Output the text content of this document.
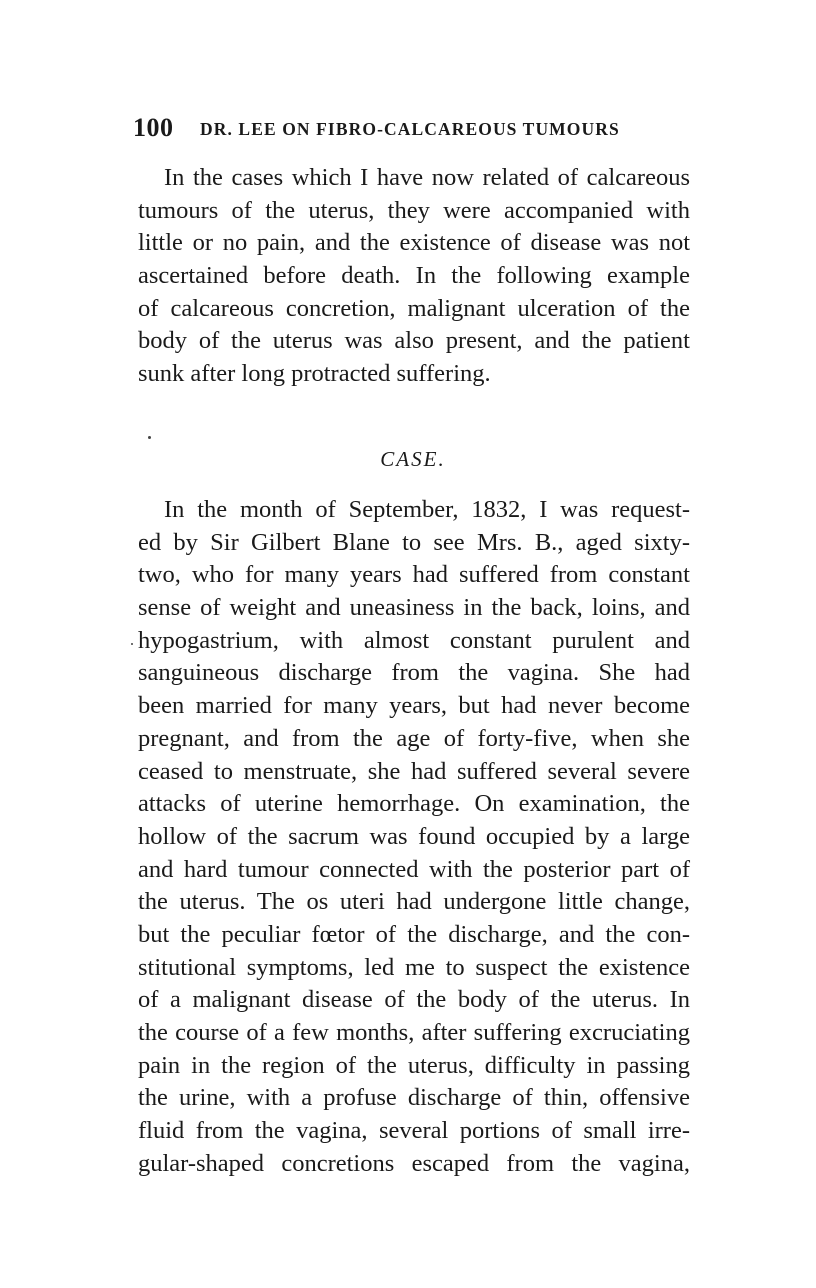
100 DR. LEE ON FIBRO-CALCAREOUS TUMOURS
In the cases which I have now related of calcareous
tumours of the uterus, they were accompanied with
little or no pain, and the existence of disease was not
ascertained before death. In the following example
of calcareous concretion, malignant ulceration of the
body of the uterus was also present, and the patient
sunk after long protracted suffering.
CASE.
In the month of September, 1832, I was request-
ed by Sir Gilbert Blane to see Mrs. B., aged sixty-
two, who for many years had suffered from constant
sense of weight and uneasiness in the back, loins, and
hypogastrium, with almost constant purulent and
sanguineous discharge from the vagina. She had
been married for many years, but had never become
pregnant, and from the age of forty-five, when she
ceased to menstruate, she had suffered several severe
attacks of uterine hemorrhage. On examination, the
hollow of the sacrum was found occupied by a large
and hard tumour connected with the posterior part of
the uterus. The os uteri had undergone little change,
but the peculiar fœtor of the discharge, and the con-
stitutional symptoms, led me to suspect the existence
of a malignant disease of the body of the uterus. In
the course of a few months, after suffering excruciating
pain in the region of the uterus, difficulty in passing
the urine, with a profuse discharge of thin, offensive
fluid from the vagina, several portions of small irre-
gular-shaped concretions escaped from the vagina,
